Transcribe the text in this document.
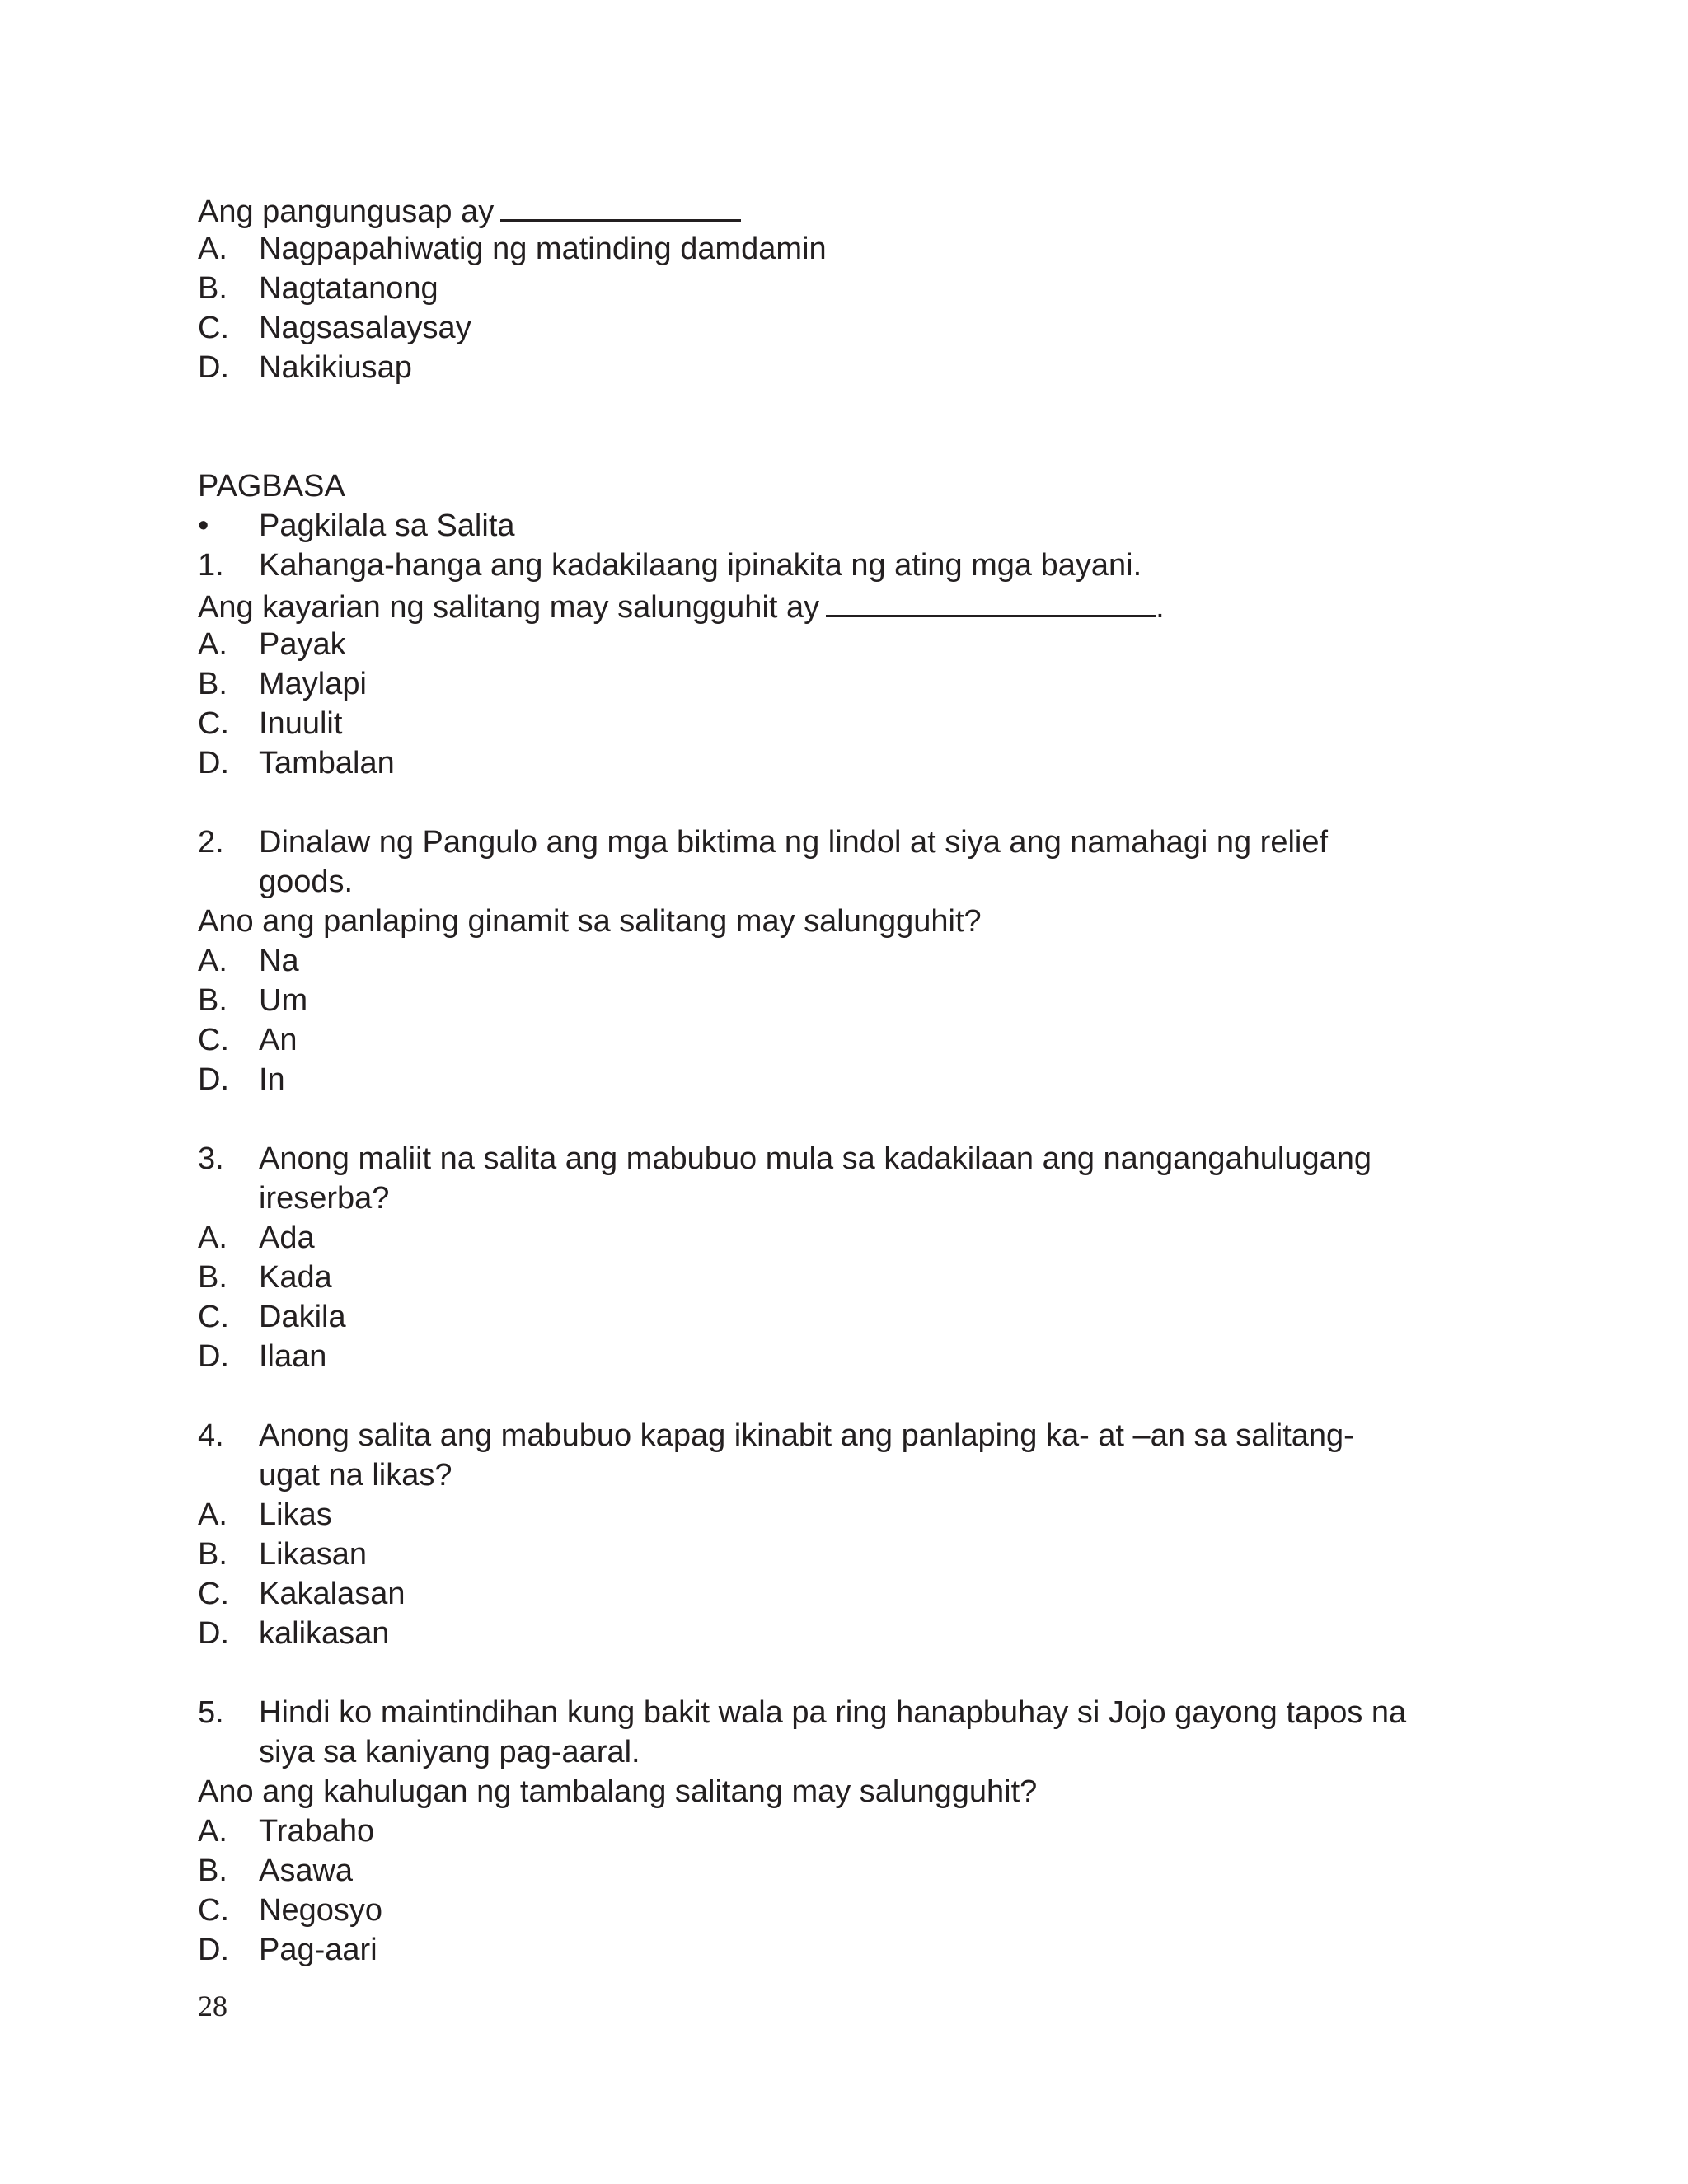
Ang pangungusap ay
A. Nagpapahiwatig ng matinding damdamin
B. Nagtatanong
C. Nagsasalaysay
D. Nakikiusap
PAGBASA
• Pagkilala sa Salita
1. Kahanga-hanga ang kadakilaang ipinakita ng ating mga bayani.
Ang kayarian ng salitang may salungguhit ay	.
A. Payak
B. Maylapi
C. Inuulit
D. Tambalan
2. Dinalaw ng Pangulo ang mga biktima ng lindol at siya ang namahagi ng relief
goods.
Ano ang panlaping ginamit sa salitang may salungguhit?
A. Na
B. Um
C. An
D. In
3. Anong maliit na salita ang mabubuo mula sa kadakilaan ang nangangahulugang
ireserba?
A. Ada
B. Kada
C. Dakila
D. Ilaan
4. Anong salita ang mabubuo kapag ikinabit ang panlaping ka- at –an sa salitang-
ugat na likas?
A. Likas
B. Likasan
C. Kakalasan
D. kalikasan
5. Hindi ko maintindihan kung bakit wala pa ring hanapbuhay si Jojo gayong tapos na
siya sa kaniyang pag-aaral.
Ano ang kahulugan ng tambalang salitang may salungguhit?
A. Trabaho
B. Asawa
C. Negosyo
D. Pag-aari
28
